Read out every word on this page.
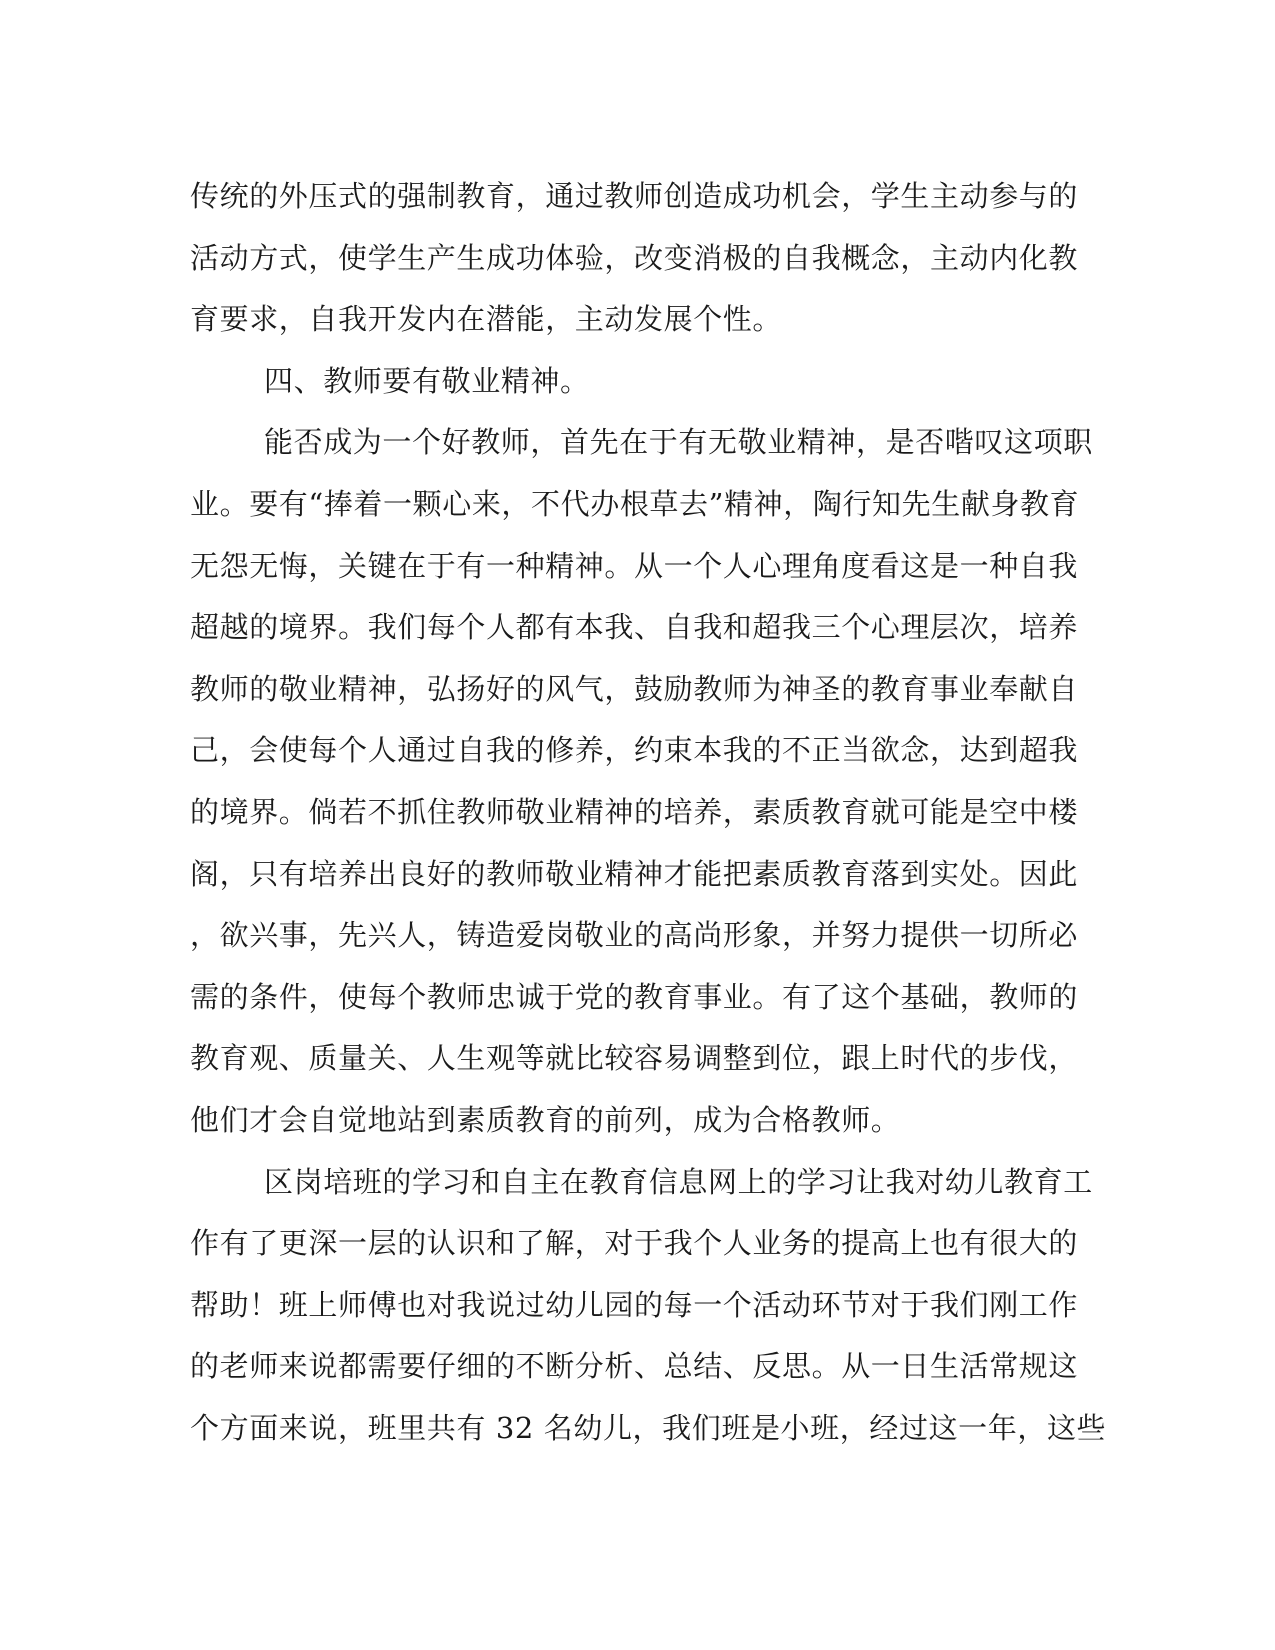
传统的外压式的强制教育，通过教师创造成功机会，学生主动参与的
活动方式，使学生产生成功体验，改变消极的自我概念，主动内化教
育要求，自我开发内在潜能，主动发展个性。
四、教师要有敬业精神。
能否成为一个好教师，首先在于有无敬业精神，是否喈叹这项职
业。要有“捧着一颗心来，不代办根草去”精神，陶行知先生献身教育
无怨无悔，关键在于有一种精神。从一个人心理角度看这是一种自我
超越的境界。我们每个人都有本我、自我和超我三个心理层次，培养
教师的敬业精神，弘扬好的风气，鼓励教师为神圣的教育事业奉献自
己，会使每个人通过自我的修养，约束本我的不正当欲念，达到超我
的境界。倘若不抓住教师敬业精神的培养，素质教育就可能是空中楼
阁，只有培养出良好的教师敬业精神才能把素质教育落到实处。因此
，欲兴事，先兴人，铸造爱岗敬业的高尚形象，并努力提供一切所必
需的条件，使每个教师忠诚于党的教育事业。有了这个基础，教师的
教育观、质量关、人生观等就比较容易调整到位，跟上时代的步伐，
他们才会自觉地站到素质教育的前列，成为合格教师。
区岗培班的学习和自主在教育信息网上的学习让我对幼儿教育工
作有了更深一层的认识和了解，对于我个人业务的提高上也有很大的
帮助！班上师傅也对我说过幼儿园的每一个活动环节对于我们刚工作
的老师来说都需要仔细的不断分析、总结、反思。从一日生活常规这
个方面来说，班里共有 32 名幼儿，我们班是小班，经过这一年，这些
